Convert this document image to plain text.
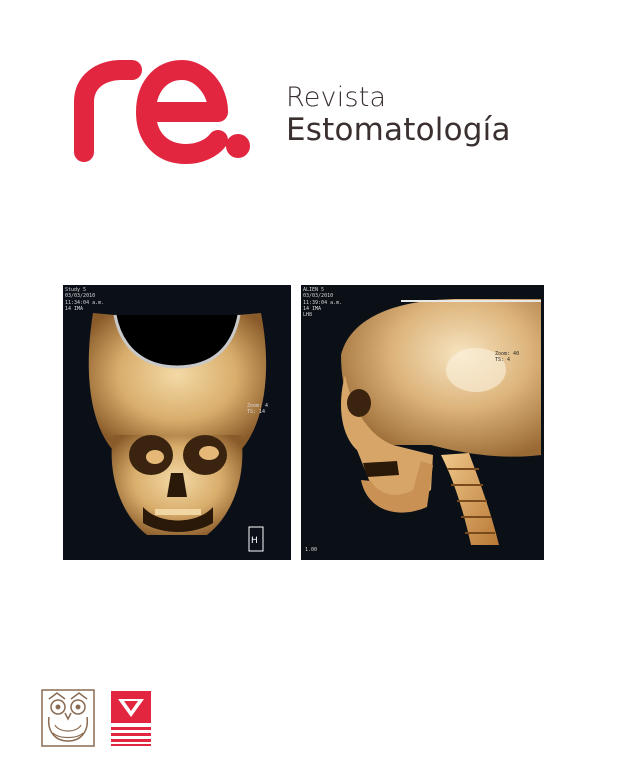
Revista
Estomatología
H
Study 5
03/03/2010
11:34:04 a.m.
14 IMA
Zoom: 4
TS: 14
ALIEN 5
03/03/2010
11:39:04 a.m.
14 IMA
LH8
Zoom: 40
TS: 4
1.00
